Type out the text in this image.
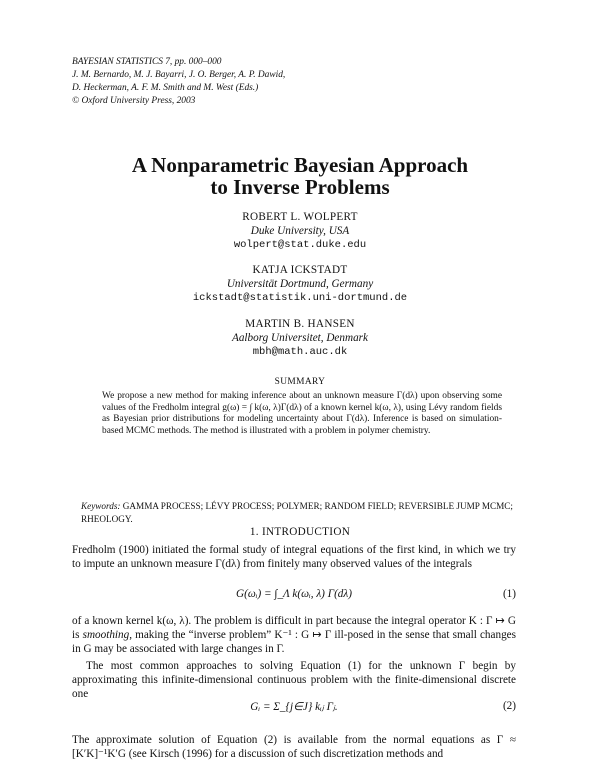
BAYESIAN STATISTICS 7, pp. 000–000
J. M. Bernardo, M. J. Bayarri, J. O. Berger, A. P. Dawid,
D. Heckerman, A. F. M. Smith and M. West (Eds.)
© Oxford University Press, 2003
A Nonparametric Bayesian Approach
to Inverse Problems
ROBERT L. WOLPERT
Duke University, USA
wolpert@stat.duke.edu
KATJA ICKSTADT
Universität Dortmund, Germany
ickstadt@statistik.uni-dortmund.de
MARTIN B. HANSEN
Aalborg Universitet, Denmark
mbh@math.auc.dk
SUMMARY
We propose a new method for making inference about an unknown measure Γ(dλ) upon observing some values of the Fredholm integral g(ω) = ∫ k(ω, λ)Γ(dλ) of a known kernel k(ω, λ), using Lévy random fields as Bayesian prior distributions for modeling uncertainty about Γ(dλ). Inference is based on simulation-based MCMC methods. The method is illustrated with a problem in polymer chemistry.
Keywords: GAMMA PROCESS; LÉVY PROCESS; POLYMER; RANDOM FIELD; REVERSIBLE JUMP MCMC; RHEOLOGY.
1. INTRODUCTION
Fredholm (1900) initiated the formal study of integral equations of the first kind, in which we try to impute an unknown measure Γ(dλ) from finitely many observed values of the integrals
G(ωᵢ) = ∫_Λ k(ωᵢ, λ) Γ(dλ)	(1)
of a known kernel k(ω, λ). The problem is difficult in part because the integral operator K : Γ ↦ G is smoothing, making the “inverse problem” K⁻¹ : G ↦ Γ ill-posed in the sense that small changes in G may be associated with large changes in Γ.
The most common approaches to solving Equation (1) for the unknown Γ begin by approximating this infinite-dimensional continuous problem with the finite-dimensional discrete one
Gᵢ = Σ_{j∈J} kᵢⱼ Γⱼ.	(2)
The approximate solution of Equation (2) is available from the normal equations as Γ ≈ [K′K]⁻¹K′G (see Kirsch (1996) for a discussion of such discretization methods and
